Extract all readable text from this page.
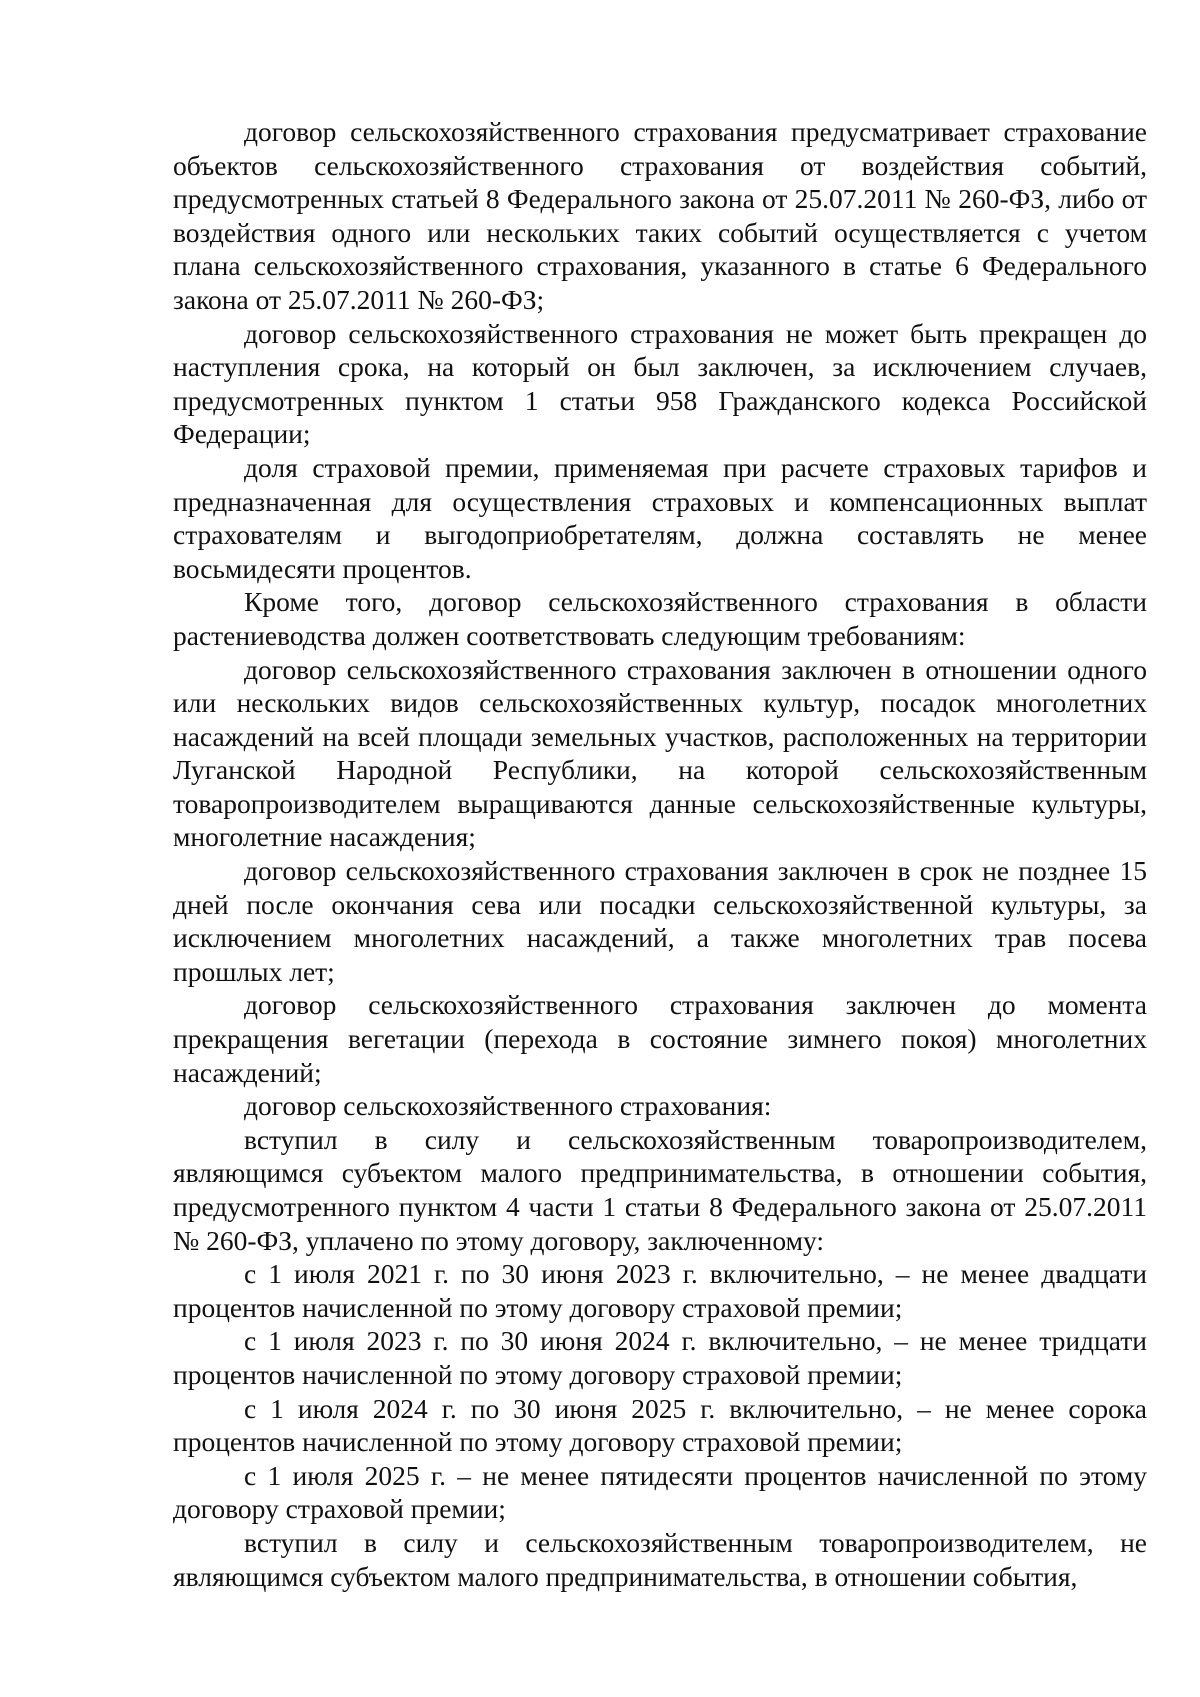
договор сельскохозяйственного страхования предусматривает страхование объектов сельскохозяйственного страхования от воздействия событий, предусмотренных статьей 8 Федерального закона от 25.07.2011 № 260-ФЗ, либо от воздействия одного или нескольких таких событий осуществляется с учетом плана сельскохозяйственного страхования, указанного в статье 6 Федерального закона от 25.07.2011 № 260-ФЗ;

договор сельскохозяйственного страхования не может быть прекращен до наступления срока, на который он был заключен, за исключением случаев, предусмотренных пунктом 1 статьи 958 Гражданского кодекса Российской Федерации;

доля страховой премии, применяемая при расчете страховых тарифов и предназначенная для осуществления страховых и компенсационных выплат страхователям и выгодоприобретателям, должна составлять не менее восьмидесяти процентов.

Кроме того, договор сельскохозяйственного страхования в области растениеводства должен соответствовать следующим требованиям:

договор сельскохозяйственного страхования заключен в отношении одного или нескольких видов сельскохозяйственных культур, посадок многолетних насаждений на всей площади земельных участков, расположенных на территории Луганской Народной Республики, на которой сельскохозяйственным товаропроизводителем выращиваются данные сельскохозяйственные культуры, многолетние насаждения;

договор сельскохозяйственного страхования заключен в срок не позднее 15 дней после окончания сева или посадки сельскохозяйственной культуры, за исключением многолетних насаждений, а также многолетних трав посева прошлых лет;

договор сельскохозяйственного страхования заключен до момента прекращения вегетации (перехода в состояние зимнего покоя) многолетних насаждений;

договор сельскохозяйственного страхования:

вступил в силу и сельскохозяйственным товаропроизводителем, являющимся субъектом малого предпринимательства, в отношении события, предусмотренного пунктом 4 части 1 статьи 8 Федерального закона от 25.07.2011 № 260-ФЗ, уплачено по этому договору, заключенному:

с 1 июля 2021 г. по 30 июня 2023 г. включительно, – не менее двадцати процентов начисленной по этому договору страховой премии;

с 1 июля 2023 г. по 30 июня 2024 г. включительно, – не менее тридцати процентов начисленной по этому договору страховой премии;

с 1 июля 2024 г. по 30 июня 2025 г. включительно, – не менее сорока процентов начисленной по этому договору страховой премии;

с 1 июля 2025 г. – не менее пятидесяти процентов начисленной по этому договору страховой премии;

вступил в силу и сельскохозяйственным товаропроизводителем, не являющимся субъектом малого предпринимательства, в отношении события,
